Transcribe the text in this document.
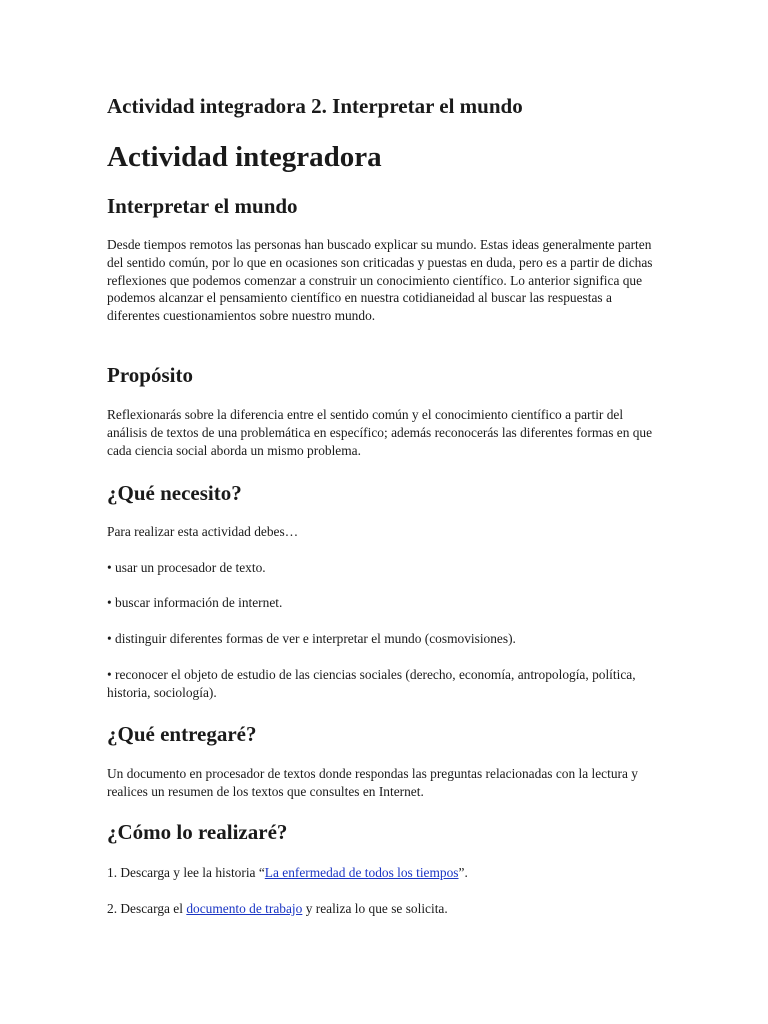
Actividad integradora 2. Interpretar el mundo
Actividad integradora
Interpretar el mundo

Desde tiempos remotos las personas han buscado explicar su mundo. Estas ideas generalmente parten del sentido común, por lo que en ocasiones son criticadas y puestas en duda, pero es a partir de dichas reflexiones que podemos comenzar a construir un conocimiento científico. Lo anterior significa que podemos alcanzar el pensamiento científico en nuestra cotidianeidad al buscar las respuestas a diferentes cuestionamientos sobre nuestro mundo.

Propósito

Reflexionarás sobre la diferencia entre el sentido común y el conocimiento científico a partir del análisis de textos de una problemática en específico; además reconocerás las diferentes formas en que cada ciencia social aborda un mismo problema.

¿Qué necesito?

Para realizar esta actividad debes…

• usar un procesador de texto.

• buscar información de internet.

• distinguir diferentes formas de ver e interpretar el mundo (cosmovisiones).

• reconocer el objeto de estudio de las ciencias sociales (derecho, economía, antropología, política, historia, sociología).

¿Qué entregaré?

Un documento en procesador de textos donde respondas las preguntas relacionadas con la lectura y realices un resumen de los textos que consultes en Internet.

¿Cómo lo realizaré?

1. Descarga y lee la historia “La enfermedad de todos los tiempos”.

2. Descarga el documento de trabajo y realiza lo que se solicita.
